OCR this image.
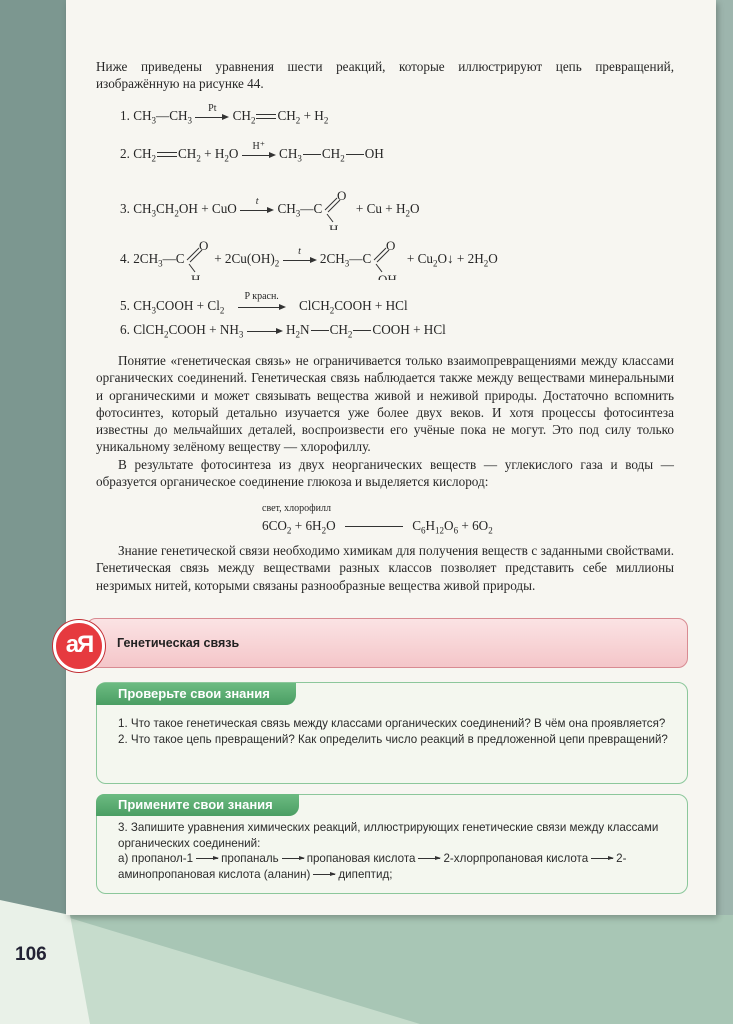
Ниже приведены уравнения шести реакций, которые иллюстрируют цепь превращений, изображённую на рисунке 44.
1. $CH_3—CH_3$
Pt $CH_2$ $CH_2 + H_2$
2. $CH_2$ $CH_2 + H_2O$	H⁺ $CH_3$ $CH_2$ OH
3. $CH_3CH_2OH$ + CuO	t	$CH_3—C$
O
H
+ $Cu + H_2O$
4. $2CH_3—C$
O
H
+ $2Cu(OH)_2$
t	$2CH_3—C$
O
OH
+ $Cu_2O↓ + 2H_2O$
5. $CH_3COOH + Cl_2$
P красн.
ClCH$_2$COOH + HCl
6. ClCH$_2$COOH + $NH_3$	$H_2N$ $CH_2$ COOH + HCl

Понятие «генетическая связь» не ограничивается только взаимопревращениями между классами органических соединений. Генетическая связь наблюдается также между веществами минеральными и органическими и может связывать вещества живой и неживой природы. Достаточно вспомнить фотосинтез, который детально изучается уже более двух веков. И хотя процессы фотосинтеза известны до мельчайших деталей, воспроизвести его учёные пока не могут. Это под силу только уникальному зелёному веществу — хлорофиллу.

В результате фотосинтеза из двух неорганических веществ — углекислого газа и воды — образуется органическое соединение глюкоза и выделяется кислород:

свет, хлорофилл
$6CO_2 + 6H_2O$	$C_6H_{12}O_6 + 6O_2$

Знание генетической связи необходимо химикам для получения веществ с заданными свойствами. Генетическая связь между веществами разных классов позволяет представить себе миллионы незримых нитей, которыми связаны разнообразные вещества живой природы.

аЯ	Генетическая связь
Проверьте свои знания

1. Что такое генетическая связь между классами органических соединений? В чём она проявляется?

2. Что такое цепь превращений? Как определить число реакций в предложенной цепи превращений?

Примените свои знания

3. Запишите уравнения химических реакций, иллюстрирующих генетические связи между классами органических соединений:

а) пропанол-1 пропаналь пропановая кислота 2-хлорпропановая кислота 2-аминопропановая кислота (аланин) дипептид;

106
